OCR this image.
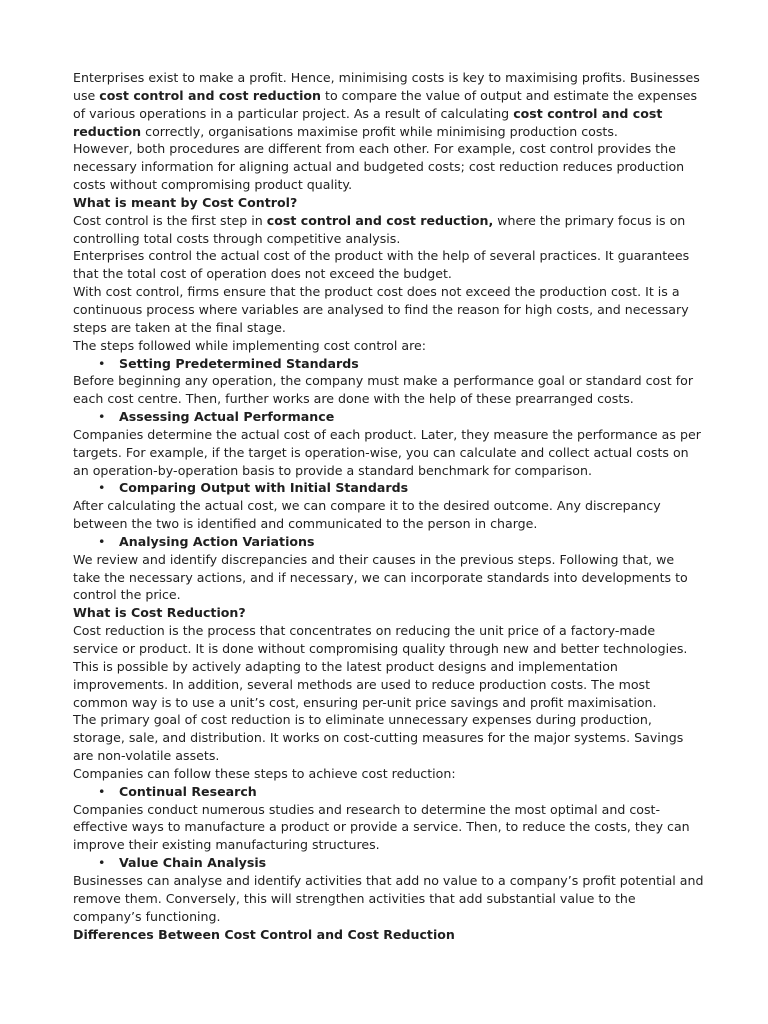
Enterprises exist to make a profit. Hence, minimising costs is key to maximising profits. Businesses use cost control and cost reduction to compare the value of output and estimate the expenses of various operations in a particular project. As a result of calculating cost control and cost reduction correctly, organisations maximise profit while minimising production costs.

However, both procedures are different from each other. For example, cost control provides the necessary information for aligning actual and budgeted costs; cost reduction reduces production costs without compromising product quality.

What is meant by Cost Control?

Cost control is the first step in cost control and cost reduction, where the primary focus is on controlling total costs through competitive analysis.

Enterprises control the actual cost of the product with the help of several practices. It guarantees that the total cost of operation does not exceed the budget.

With cost control, firms ensure that the product cost does not exceed the production cost. It is a continuous process where variables are analysed to find the reason for high costs, and necessary steps are taken at the final stage.

The steps followed while implementing cost control are:

• Setting Predetermined Standards

Before beginning any operation, the company must make a performance goal or standard cost for each cost centre. Then, further works are done with the help of these prearranged costs.

• Assessing Actual Performance

Companies determine the actual cost of each product. Later, they measure the performance as per targets. For example, if the target is operation-wise, you can calculate and collect actual costs on an operation-by-operation basis to provide a standard benchmark for comparison.

• Comparing Output with Initial Standards

After calculating the actual cost, we can compare it to the desired outcome. Any discrepancy between the two is identified and communicated to the person in charge.

• Analysing Action Variations

We review and identify discrepancies and their causes in the previous steps. Following that, we take the necessary actions, and if necessary, we can incorporate standards into developments to control the price.

What is Cost Reduction?

Cost reduction is the process that concentrates on reducing the unit price of a factory-made service or product. It is done without compromising quality through new and better technologies. This is possible by actively adapting to the latest product designs and implementation improvements. In addition, several methods are used to reduce production costs. The most common way is to use a unit’s cost, ensuring per-unit price savings and profit maximisation.

The primary goal of cost reduction is to eliminate unnecessary expenses during production, storage, sale, and distribution. It works on cost-cutting measures for the major systems. Savings are non-volatile assets.

Companies can follow these steps to achieve cost reduction:

• Continual Research

Companies conduct numerous studies and research to determine the most optimal and cost-effective ways to manufacture a product or provide a service. Then, to reduce the costs, they can improve their existing manufacturing structures.

• Value Chain Analysis

Businesses can analyse and identify activities that add no value to a company’s profit potential and remove them. Conversely, this will strengthen activities that add substantial value to the company’s functioning.

Differences Between Cost Control and Cost Reduction
